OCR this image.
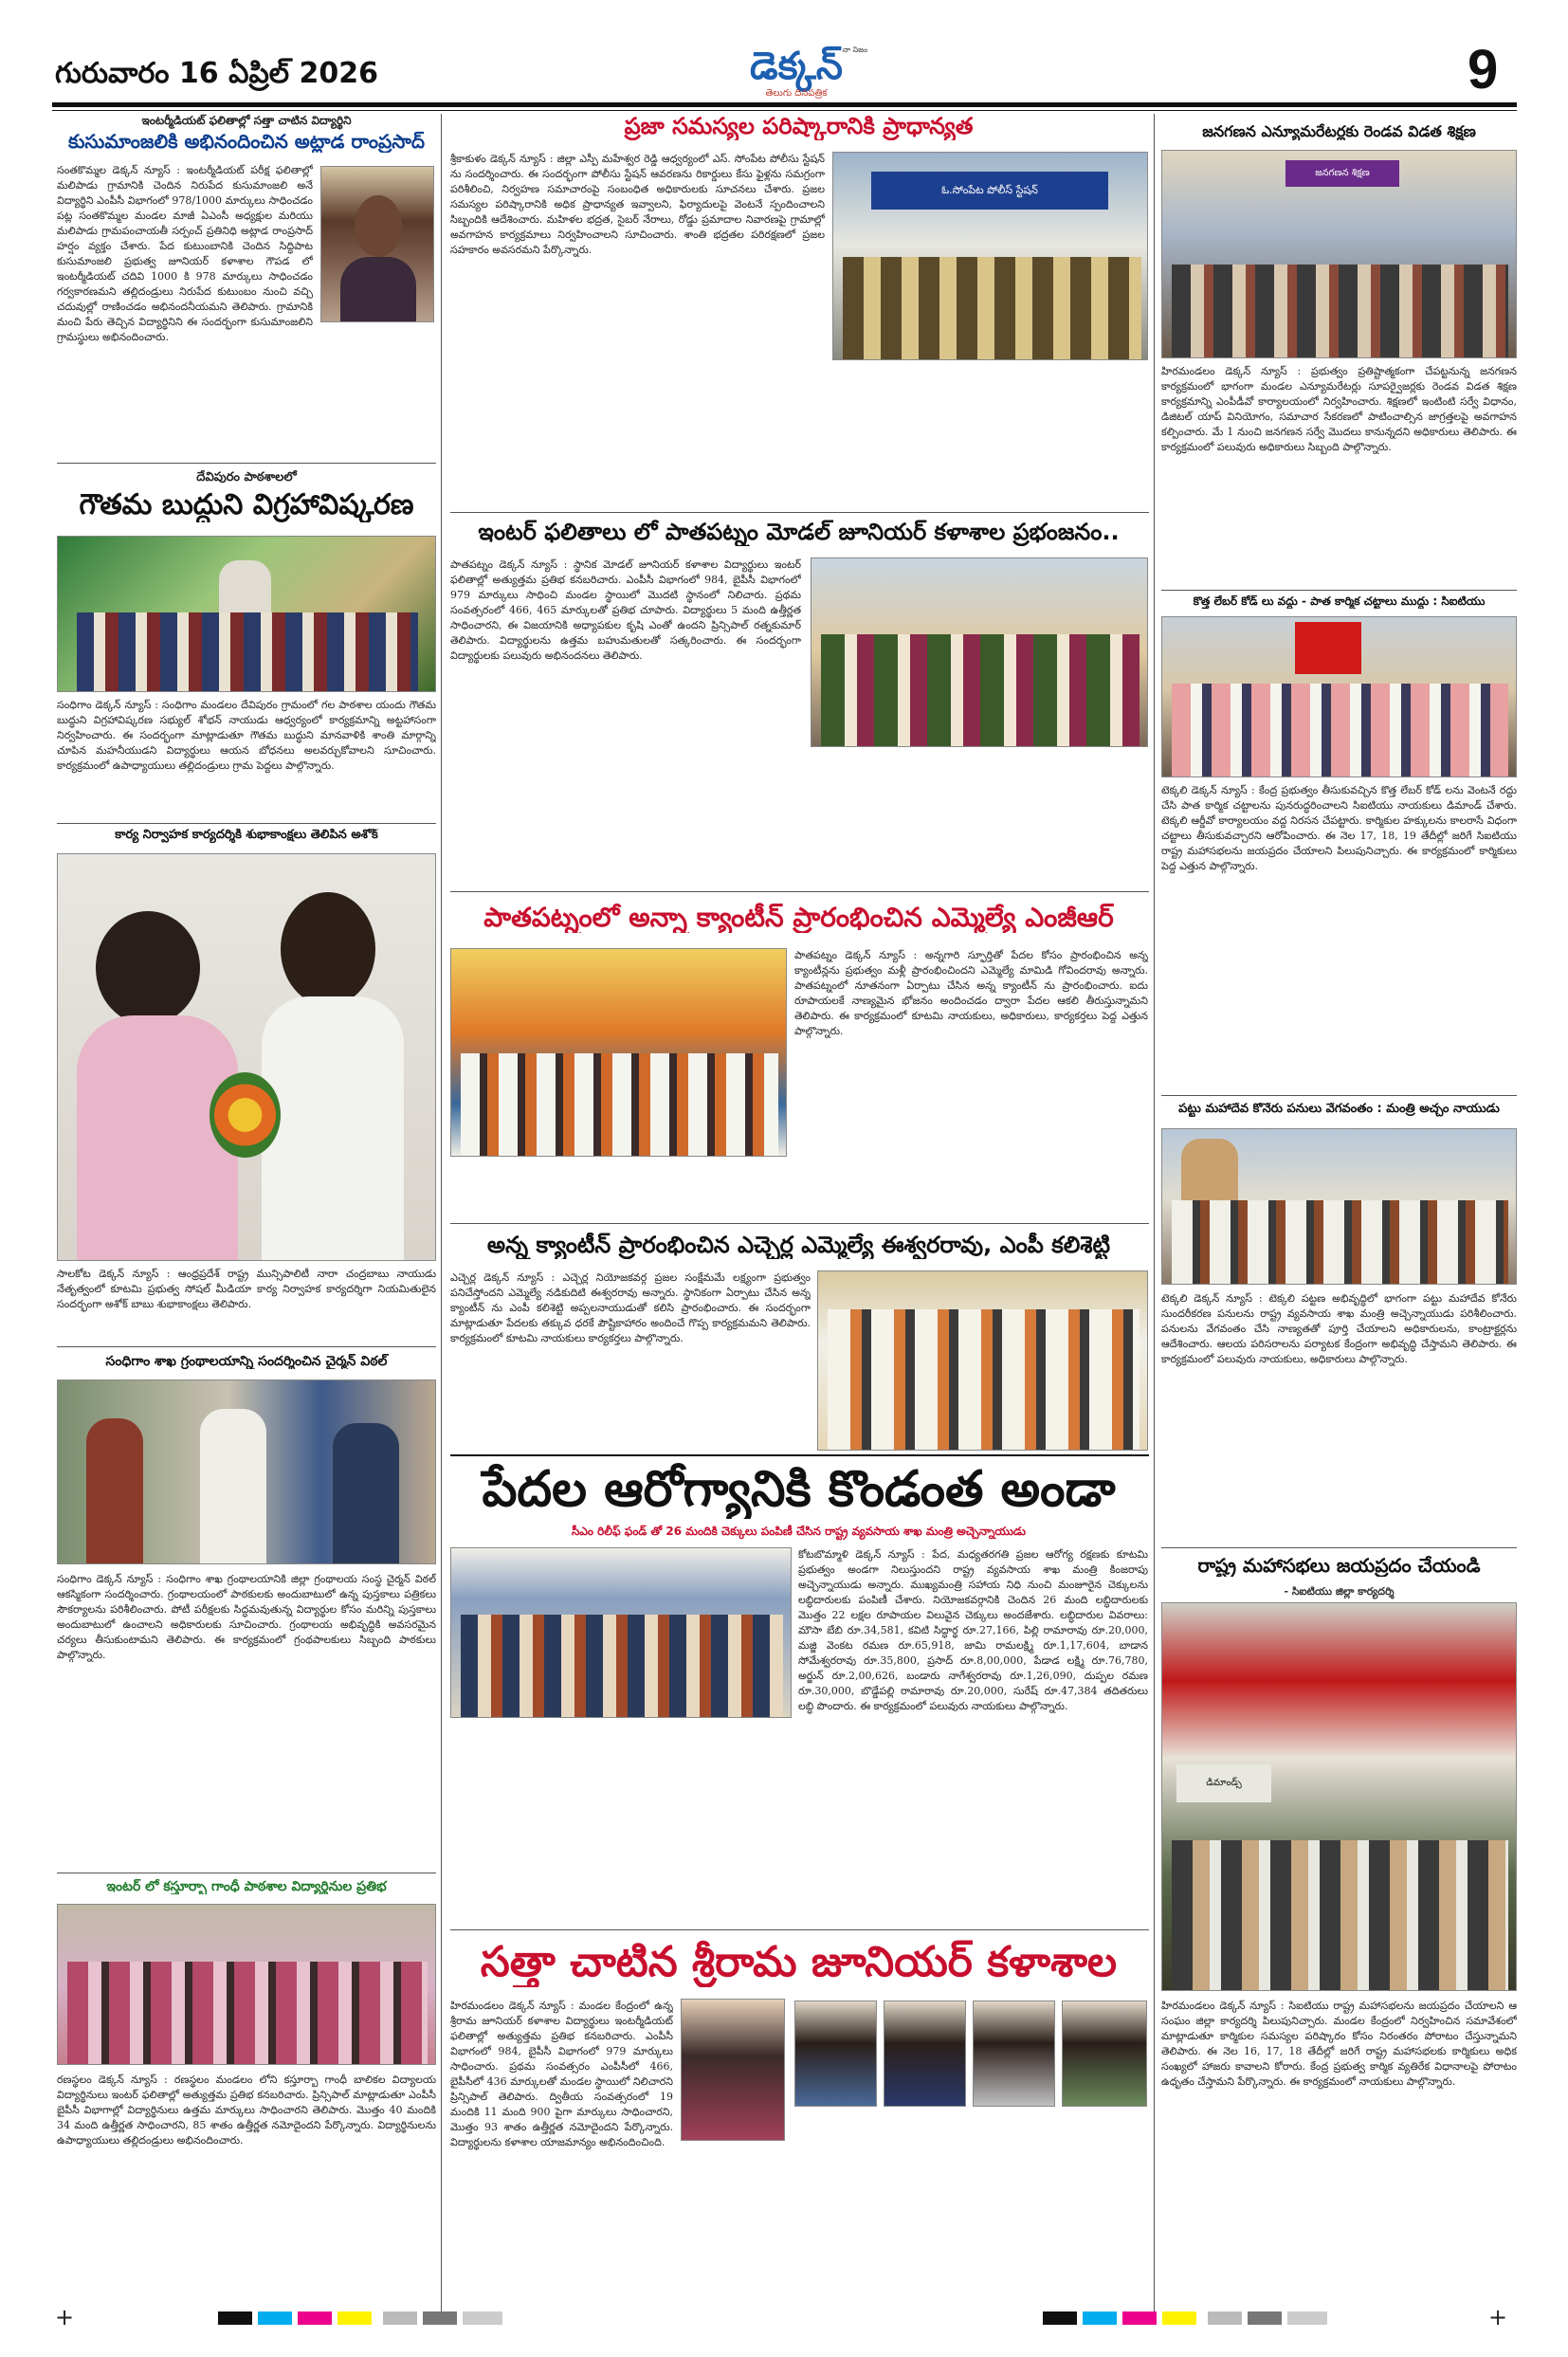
గురువారం 16 ఏప్రిల్ 2026	డెక్కన్
తెలుగు దినపత్రిక
నా నిజం	9
ఇంటర్మీడియట్ ఫలితాల్లో సత్తా చాటిన విద్యార్థిని
కుసుమాంజలికి అభినందించిన అట్లాడ రాంప్రసాద్
సంతకొమ్మల డెక్కన్ న్యూస్ : ఇంటర్మీడియట్ పరీక్ష ఫలితాల్లో మలిపాడు గ్రామానికి చెందిన నిరుపేద కుసుమాంజలి అనే విద్యార్థిని ఎంపీసీ విభాగంలో 978/1000 మార్కులు సాధించడం పట్ల సంతకొమ్మల మండల మాజీ ఏఎంసీ అధ్యక్షుల మరియు మలిపాడు గ్రామపంచాయతీ సర్పంచ్ ప్రతినిధి అట్లాడ రాంప్రసాద్ హర్షం వ్యక్తం చేశారు. పేద కుటుంబానికి చెందిన సిద్ధిపాట కుసుమాంజలి ప్రభుత్వ జూనియర్ కళాశాల గౌపడ లో ఇంటర్మీడియట్ చదివి 1000 కి 978 మార్కులు సాధించడం గర్వకారణమని తల్లిదండ్రులు నిరుపేద కుటుంబం నుంచి వచ్చి చదువుల్లో రాణించడం అభినందనీయమని తెలిపారు. గ్రామానికి మంచి పేరు తెచ్చిన విద్యార్థినిని ఈ సందర్భంగా కుసుమాంజలిని గ్రామస్థులు అభినందించారు.
దేవిపురం పాఠశాలలో
గౌతమ బుద్ధుని విగ్రహావిష్కరణ
సంధిగాం డెక్కన్ న్యూస్ : సంధిగాం మండలం దేవిపురం గ్రామంలో గల పాఠశాల యందు గౌతమ బుద్ధుని విగ్రహావిష్కరణ సభ్యుల్ శోభన్ నాయుడు ఆధ్వర్యంలో కార్యక్రమాన్ని అట్టహాసంగా నిర్వహించారు. ఈ సందర్భంగా మాట్లాడుతూ గౌతమ బుద్ధుని మానవాళికి శాంతి మార్గాన్ని చూపిన మహనీయుడని విద్యార్థులు ఆయన బోధనలు అలవర్చుకోవాలని సూచించారు. కార్యక్రమంలో ఉపాధ్యాయులు తల్లిదండ్రులు గ్రామ పెద్దలు పాల్గొన్నారు.
కార్య నిర్వాహక కార్యదర్శికి శుభాకాంక్షలు తెలిపిన అశోక్
సాలకోట డెక్కన్ న్యూస్ : ఆంధ్రప్రదేశ్ రాష్ట్ర మున్సిపాలిటీ నారా చంద్రబాబు నాయుడు నేతృత్వంలో కూటమి ప్రభుత్వ సోషల్ మీడియా కార్య నిర్వాహక కార్యదర్శిగా నియమితులైన సందర్భంగా అశోక్ బాబు శుభాకాంక్షలు తెలిపారు.
సంధిగాం శాఖ గ్రంథాలయాన్ని సందర్శించిన చైర్మన్ విఠల్
సంధిగాం డెక్కన్ న్యూస్ : సంధిగాం శాఖ గ్రంథాలయానికి జిల్లా గ్రంథాలయ సంస్థ చైర్మన్ విఠల్ ఆకస్మికంగా సందర్శించారు. గ్రంథాలయంలో పాఠకులకు అందుబాటులో ఉన్న పుస్తకాలు పత్రికలు సౌకర్యాలను పరిశీలించారు. పోటీ పరీక్షలకు సిద్ధమవుతున్న విద్యార్థుల కోసం మరిన్ని పుస్తకాలు అందుబాటులో ఉంచాలని అధికారులకు సూచించారు. గ్రంథాలయ అభివృద్ధికి అవసరమైన చర్యలు తీసుకుంటామని తెలిపారు. ఈ కార్యక్రమంలో గ్రంథపాలకులు సిబ్బంది పాఠకులు పాల్గొన్నారు.
ఇంటర్ లో కస్తూర్బా గాంధీ పాఠశాల విద్యార్థినుల ప్రతిభ
రణస్థలం డెక్కన్ న్యూస్ : రణస్థలం మండలం లోని కస్తూర్బా గాంధీ బాలికల విద్యాలయ విద్యార్థినులు ఇంటర్ ఫలితాల్లో అత్యుత్తమ ప్రతిభ కనబరిచారు. ప్రిన్సిపాల్ మాట్లాడుతూ ఎంపీసీ బైపీసీ విభాగాల్లో విద్యార్థినులు ఉత్తమ మార్కులు సాధించారని తెలిపారు. మొత్తం 40 మందికి 34 మంది ఉత్తీర్ణత సాధించారని, 85 శాతం ఉత్తీర్ణత నమోదైందని పేర్కొన్నారు. విద్యార్థినులను ఉపాధ్యాయులు తల్లిదండ్రులు అభినందించారు.
ప్రజా సమస్యల పరిష్కారానికి ప్రాధాన్యత
శ్రీకాకుళం డెక్కన్ న్యూస్ : జిల్లా ఎస్పీ మహేశ్వర రెడ్డి ఆధ్వర్యంలో ఎస్. సోంపేట పోలీసు స్టేషన్ ను సందర్శించారు. ఈ సందర్భంగా పోలీసు స్టేషన్ ఆవరణను రికార్డులు కేసు ఫైళ్లను సమగ్రంగా పరిశీలించి, నిర్వహణ సమాచారంపై సంబంధిత అధికారులకు సూచనలు చేశారు. ప్రజల సమస్యల పరిష్కారానికి అధిక ప్రాధాన్యత ఇవ్వాలని, ఫిర్యాదులపై వెంటనే స్పందించాలని సిబ్బందికి ఆదేశించారు. మహిళల భద్రత, సైబర్ నేరాలు, రోడ్డు ప్రమాదాల నివారణపై గ్రామాల్లో అవగాహన కార్యక్రమాలు నిర్వహించాలని సూచించారు. శాంతి భద్రతల పరిరక్షణలో ప్రజల సహకారం అవసరమని పేర్కొన్నారు.
ఓ.సోంపేట పోలీస్ స్టేషన్
ఇంటర్ ఫలితాలు లో పాతపట్నం మోడల్ జూనియర్ కళాశాల ప్రభంజనం..
పాతపట్నం డెక్కన్ న్యూస్ : స్థానిక మోడల్ జూనియర్ కళాశాల విద్యార్థులు ఇంటర్ ఫలితాల్లో అత్యుత్తమ ప్రతిభ కనబరిచారు. ఎంపీసీ విభాగంలో 984, బైపీసీ విభాగంలో 979 మార్కులు సాధించి మండల స్థాయిలో మొదటి స్థానంలో నిలిచారు. ప్రథమ సంవత్సరంలో 466, 465 మార్కులతో ప్రతిభ చూపారు. విద్యార్థులు 5 మంది ఉత్తీర్ణత సాధించారని, ఈ విజయానికి అధ్యాపకుల కృషి ఎంతో ఉందని ప్రిన్సిపాల్ రత్నకుమార్ తెలిపారు. విద్యార్థులను ఉత్తమ బహుమతులతో సత్కరించారు. ఈ సందర్భంగా విద్యార్థులకు పలువురు అభినందనలు తెలిపారు.
పాతపట్నంలో అన్నా క్యాంటీన్ ప్రారంభించిన ఎమ్మెల్యే ఎంజీఆర్
పాతపట్నం డెక్కన్ న్యూస్ : అన్నగారి స్ఫూర్తితో పేదల కోసం ప్రారంభించిన అన్న క్యాంటీన్లను ప్రభుత్వం మళ్లీ ప్రారంభించిందని ఎమ్మెల్యే మామిడి గోవిందరావు అన్నారు. పాతపట్నంలో నూతనంగా ఏర్పాటు చేసిన అన్న క్యాంటీన్ ను ప్రారంభించారు. ఐదు రూపాయలకే నాణ్యమైన భోజనం అందించడం ద్వారా పేదల ఆకలి తీరుస్తున్నామని తెలిపారు. ఈ కార్యక్రమంలో కూటమి నాయకులు, అధికారులు, కార్యకర్తలు పెద్ద ఎత్తున పాల్గొన్నారు.
అన్న క్యాంటీన్ ప్రారంభించిన ఎచ్చెర్ల ఎమ్మెల్యే ఈశ్వరరావు, ఎంపీ కలిశెట్టి
ఎచ్చెర్ల డెక్కన్ న్యూస్ : ఎచ్చెర్ల నియోజకవర్గ ప్రజల సంక్షేమమే లక్ష్యంగా ప్రభుత్వం పనిచేస్తోందని ఎమ్మెల్యే నడికుదిటి ఈశ్వరరావు అన్నారు. స్థానికంగా ఏర్పాటు చేసిన అన్న క్యాంటీన్ ను ఎంపీ కలిశెట్టి అప్పలనాయుడుతో కలిసి ప్రారంభించారు. ఈ సందర్భంగా మాట్లాడుతూ పేదలకు తక్కువ ధరకే పౌష్టికాహారం అందించే గొప్ప కార్యక్రమమని తెలిపారు. కార్యక్రమంలో కూటమి నాయకులు కార్యకర్తలు పాల్గొన్నారు.
పేదల ఆరోగ్యానికి కొండంత అండా
సీఎం రిలీఫ్ ఫండ్ తో 26 మందికి చెక్కులు పంపిణీ చేసిన రాష్ట్ర వ్యవసాయ శాఖ మంత్రి అచ్చెన్నాయుడు
కోటబొమ్మాళి డెక్కన్ న్యూస్ : పేద, మధ్యతరగతి ప్రజల ఆరోగ్య రక్షణకు కూటమి ప్రభుత్వం అండగా నిలుస్తుందని రాష్ట్ర వ్యవసాయ శాఖ మంత్రి కింజరాపు అచ్చెన్నాయుడు అన్నారు. ముఖ్యమంత్రి సహాయ నిధి నుంచి మంజూరైన చెక్కులను లబ్ధిదారులకు పంపిణీ చేశారు. నియోజకవర్గానికి చెందిన 26 మంది లబ్ధిదారులకు మొత్తం 22 లక్షల రూపాయల విలువైన చెక్కులు అందజేశారు. లబ్ధిదారుల వివరాలు: మౌసా బేబి రూ.34,581, కవిటి సిద్ధార్థ రూ.27,166, పిల్లి రామారావు రూ.20,000, మజ్జి వెంకట రమణ రూ.65,918, జామి రామలక్ష్మి రూ.1,17,604, బాడాన సోమేశ్వరరావు రూ.35,800, ప్రసాద్ రూ.8,00,000, పేడాడ లక్ష్మి రూ.76,780, అర్జున్ రూ.2,00,626, బండారు నాగేశ్వరరావు రూ.1,26,090, దుప్పల రమణ రూ.30,000, బొడ్డేపల్లి రామారావు రూ.20,000, సురేష్ రూ.47,384 తదితరులు లబ్ధి పొందారు. ఈ కార్యక్రమంలో పలువురు నాయకులు పాల్గొన్నారు.
సత్తా చాటిన శ్రీరామ జూనియర్ కళాశాల
హిరమండలం డెక్కన్ న్యూస్ : మండల కేంద్రంలో ఉన్న శ్రీరామ జూనియర్ కళాశాల విద్యార్థులు ఇంటర్మీడియట్ ఫలితాల్లో అత్యుత్తమ ప్రతిభ కనబరిచారు. ఎంపీసీ విభాగంలో 984, బైపీసీ విభాగంలో 979 మార్కులు సాధించారు. ప్రథమ సంవత్సరం ఎంపీసీలో 466, బైపీసీలో 436 మార్కులతో మండల స్థాయిలో నిలిచారని ప్రిన్సిపాల్ తెలిపారు. ద్వితీయ సంవత్సరంలో 19 మందికి 11 మంది 900 పైగా మార్కులు సాధించారని, మొత్తం 93 శాతం ఉత్తీర్ణత నమోదైందని పేర్కొన్నారు. విద్యార్థులను కళాశాల యాజమాన్యం అభినందించింది.
జనగణన ఎన్యూమరేటర్లకు రెండవ విడత శిక్షణ
జనగణన శిక్షణ
హిరమండలం డెక్కన్ న్యూస్ : ప్రభుత్వం ప్రతిష్టాత్మకంగా చేపట్టనున్న జనగణన కార్యక్రమంలో భాగంగా మండల ఎన్యూమరేటర్లు సూపర్వైజర్లకు రెండవ విడత శిక్షణ కార్యక్రమాన్ని ఎంపీడీవో కార్యాలయంలో నిర్వహించారు. శిక్షణలో ఇంటింటి సర్వే విధానం, డిజిటల్ యాప్ వినియోగం, సమాచార సేకరణలో పాటించాల్సిన జాగ్రత్తలపై అవగాహన కల్పించారు. మే 1 నుంచి జనగణన సర్వే మొదలు కానున్నదని అధికారులు తెలిపారు. ఈ కార్యక్రమంలో పలువురు అధికారులు సిబ్బంది పాల్గొన్నారు.
కొత్త లేబర్ కోడ్ లు వద్దు - పాత కార్మిక చట్టాలు ముద్దు : సిఐటియు
టెక్కలి డెక్కన్ న్యూస్ : కేంద్ర ప్రభుత్వం తీసుకువచ్చిన కొత్త లేబర్ కోడ్ లను వెంటనే రద్దు చేసి పాత కార్మిక చట్టాలను పునరుద్ధరించాలని సిఐటియు నాయకులు డిమాండ్ చేశారు. టెక్కలి ఆర్డీవో కార్యాలయం వద్ద నిరసన చేపట్టారు. కార్మికుల హక్కులను కాలరాసే విధంగా చట్టాలు తీసుకువచ్చారని ఆరోపించారు. ఈ నెల 17, 18, 19 తేదీల్లో జరిగే సిఐటియు రాష్ట్ర మహాసభలను జయప్రదం చేయాలని పిలుపునిచ్చారు. ఈ కార్యక్రమంలో కార్మికులు పెద్ద ఎత్తున పాల్గొన్నారు.
పట్టు మహాదేవ కోనేరు పనులు వేగవంతం : మంత్రి అచ్చం నాయుడు
టెక్కలి డెక్కన్ న్యూస్ : టెక్కలి పట్టణ అభివృద్ధిలో భాగంగా పట్టు మహాదేవ కోనేరు సుందరీకరణ పనులను రాష్ట్ర వ్యవసాయ శాఖ మంత్రి అచ్చెన్నాయుడు పరిశీలించారు. పనులను వేగవంతం చేసి నాణ్యతతో పూర్తి చేయాలని అధికారులను, కాంట్రాక్టర్లను ఆదేశించారు. ఆలయ పరిసరాలను పర్యాటక కేంద్రంగా అభివృద్ధి చేస్తామని తెలిపారు. ఈ కార్యక్రమంలో పలువురు నాయకులు, అధికారులు పాల్గొన్నారు.
రాష్ట్ర మహాసభలు జయప్రదం చేయండి
- సిఐటియు జిల్లా కార్యదర్శి
డిమాండ్స్
హిరమండలం డెక్కన్ న్యూస్ : సిఐటియు రాష్ట్ర మహాసభలను జయప్రదం చేయాలని ఆ సంఘం జిల్లా కార్యదర్శి పిలుపునిచ్చారు. మండల కేంద్రంలో నిర్వహించిన సమావేశంలో మాట్లాడుతూ కార్మికుల సమస్యల పరిష్కారం కోసం నిరంతరం పోరాటం చేస్తున్నామని తెలిపారు. ఈ నెల 16, 17, 18 తేదీల్లో జరిగే రాష్ట్ర మహాసభలకు కార్మికులు అధిక సంఖ్యలో హాజరు కావాలని కోరారు. కేంద్ర ప్రభుత్వ కార్మిక వ్యతిరేక విధానాలపై పోరాటం ఉధృతం చేస్తామని పేర్కొన్నారు. ఈ కార్యక్రమంలో నాయకులు పాల్గొన్నారు.
+	+
